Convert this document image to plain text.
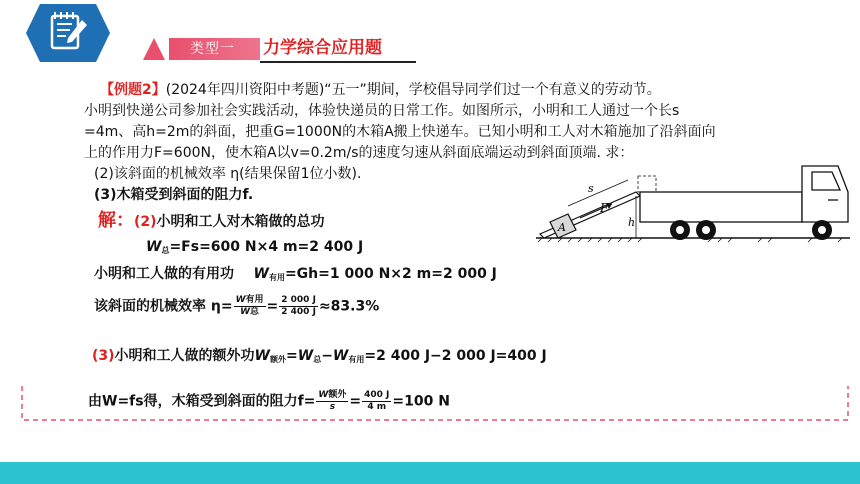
类型一 力学综合应用题
【例题2】(2024年四川资阳中考题)“五一”期间，学校倡导同学们过一个有意义的劳动节。
小明到快递公司参加社会实践活动，体验快递员的日常工作。如图所示，小明和工人通过一个长s
=4m、高h=2m的斜面，把重G=1000N的木箱A搬上快递车。已知小明和工人对木箱施加了沿斜面向
上的作用力F=600N，使木箱A以v=0.2m/s的速度匀速从斜面底端运动到斜面顶端. 求：
(2)该斜面的机械效率 η(结果保留1位小数).
(3)木箱受到斜面的阻力f.
解：(2)小明和工人对木箱做的总功
$W_总=Fs=600$ N×4 m=2 400 J
小明和工人做的有用功 $W_{有用}=Gh=1$ 000 N×2 m=2 000 J
该斜面的机械效率 $\eta= \frac{\text{W有用}}{\text{W总}} = \frac{2 000 J}{2 400 J} \approx 83.3\%$
(3)小明和工人做的额外功$W_{额外}=W_总-W_{有用}=2$ 400 J−2 000 J=400 J
由W=fs得，木箱受到斜面的阻力$f= \frac{\text{W额外}}{s} = \frac{400 J}{4 m} =100$ N
A
s
F
h
